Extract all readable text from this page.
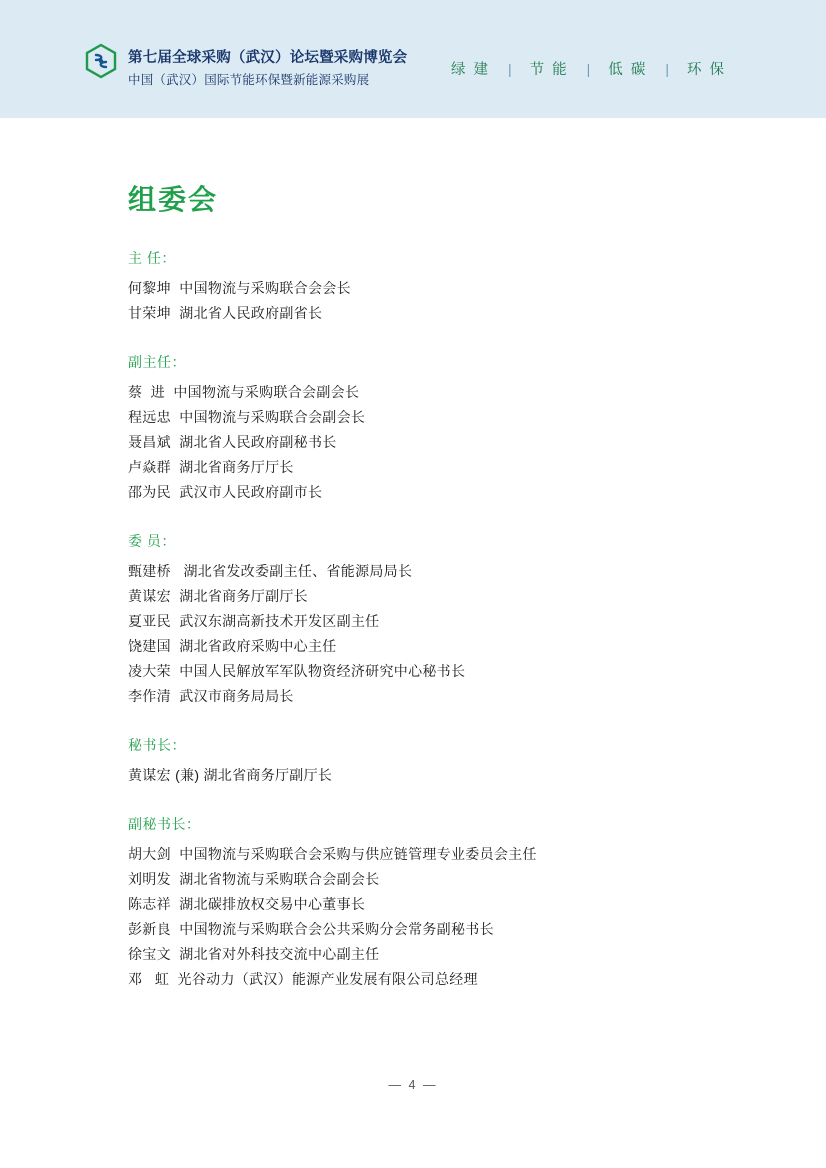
第七届全球采购（武汉）论坛暨采购博览会
中国（武汉）国际节能环保暨新能源采购展
绿 建	|	节 能	|	低 碳	|	环 保
组委会
主 任：
何黎坤  中国物流与采购联合会会长
甘荣坤  湖北省人民政府副省长
副主任：
蔡  进  中国物流与采购联合会副会长
程远忠  中国物流与采购联合会副会长
聂昌斌  湖北省人民政府副秘书长
卢焱群  湖北省商务厅厅长
邵为民  武汉市人民政府副市长
委 员：
甄建桥   湖北省发改委副主任、省能源局局长
黄谋宏  湖北省商务厅副厅长
夏亚民  武汉东湖高新技术开发区副主任
饶建国  湖北省政府采购中心主任
凌大荣  中国人民解放军军队物资经济研究中心秘书长
李作清  武汉市商务局局长
秘书长：
黄谋宏 (兼) 湖北省商务厅副厅长
副秘书长：
胡大剑  中国物流与采购联合会采购与供应链管理专业委员会主任
刘明发  湖北省物流与采购联合会副会长
陈志祥  湖北碳排放权交易中心董事长
彭新良  中国物流与采购联合会公共采购分会常务副秘书长
徐宝文  湖北省对外科技交流中心副主任
邓   虹  光谷动力（武汉）能源产业发展有限公司总经理
— 4 —
